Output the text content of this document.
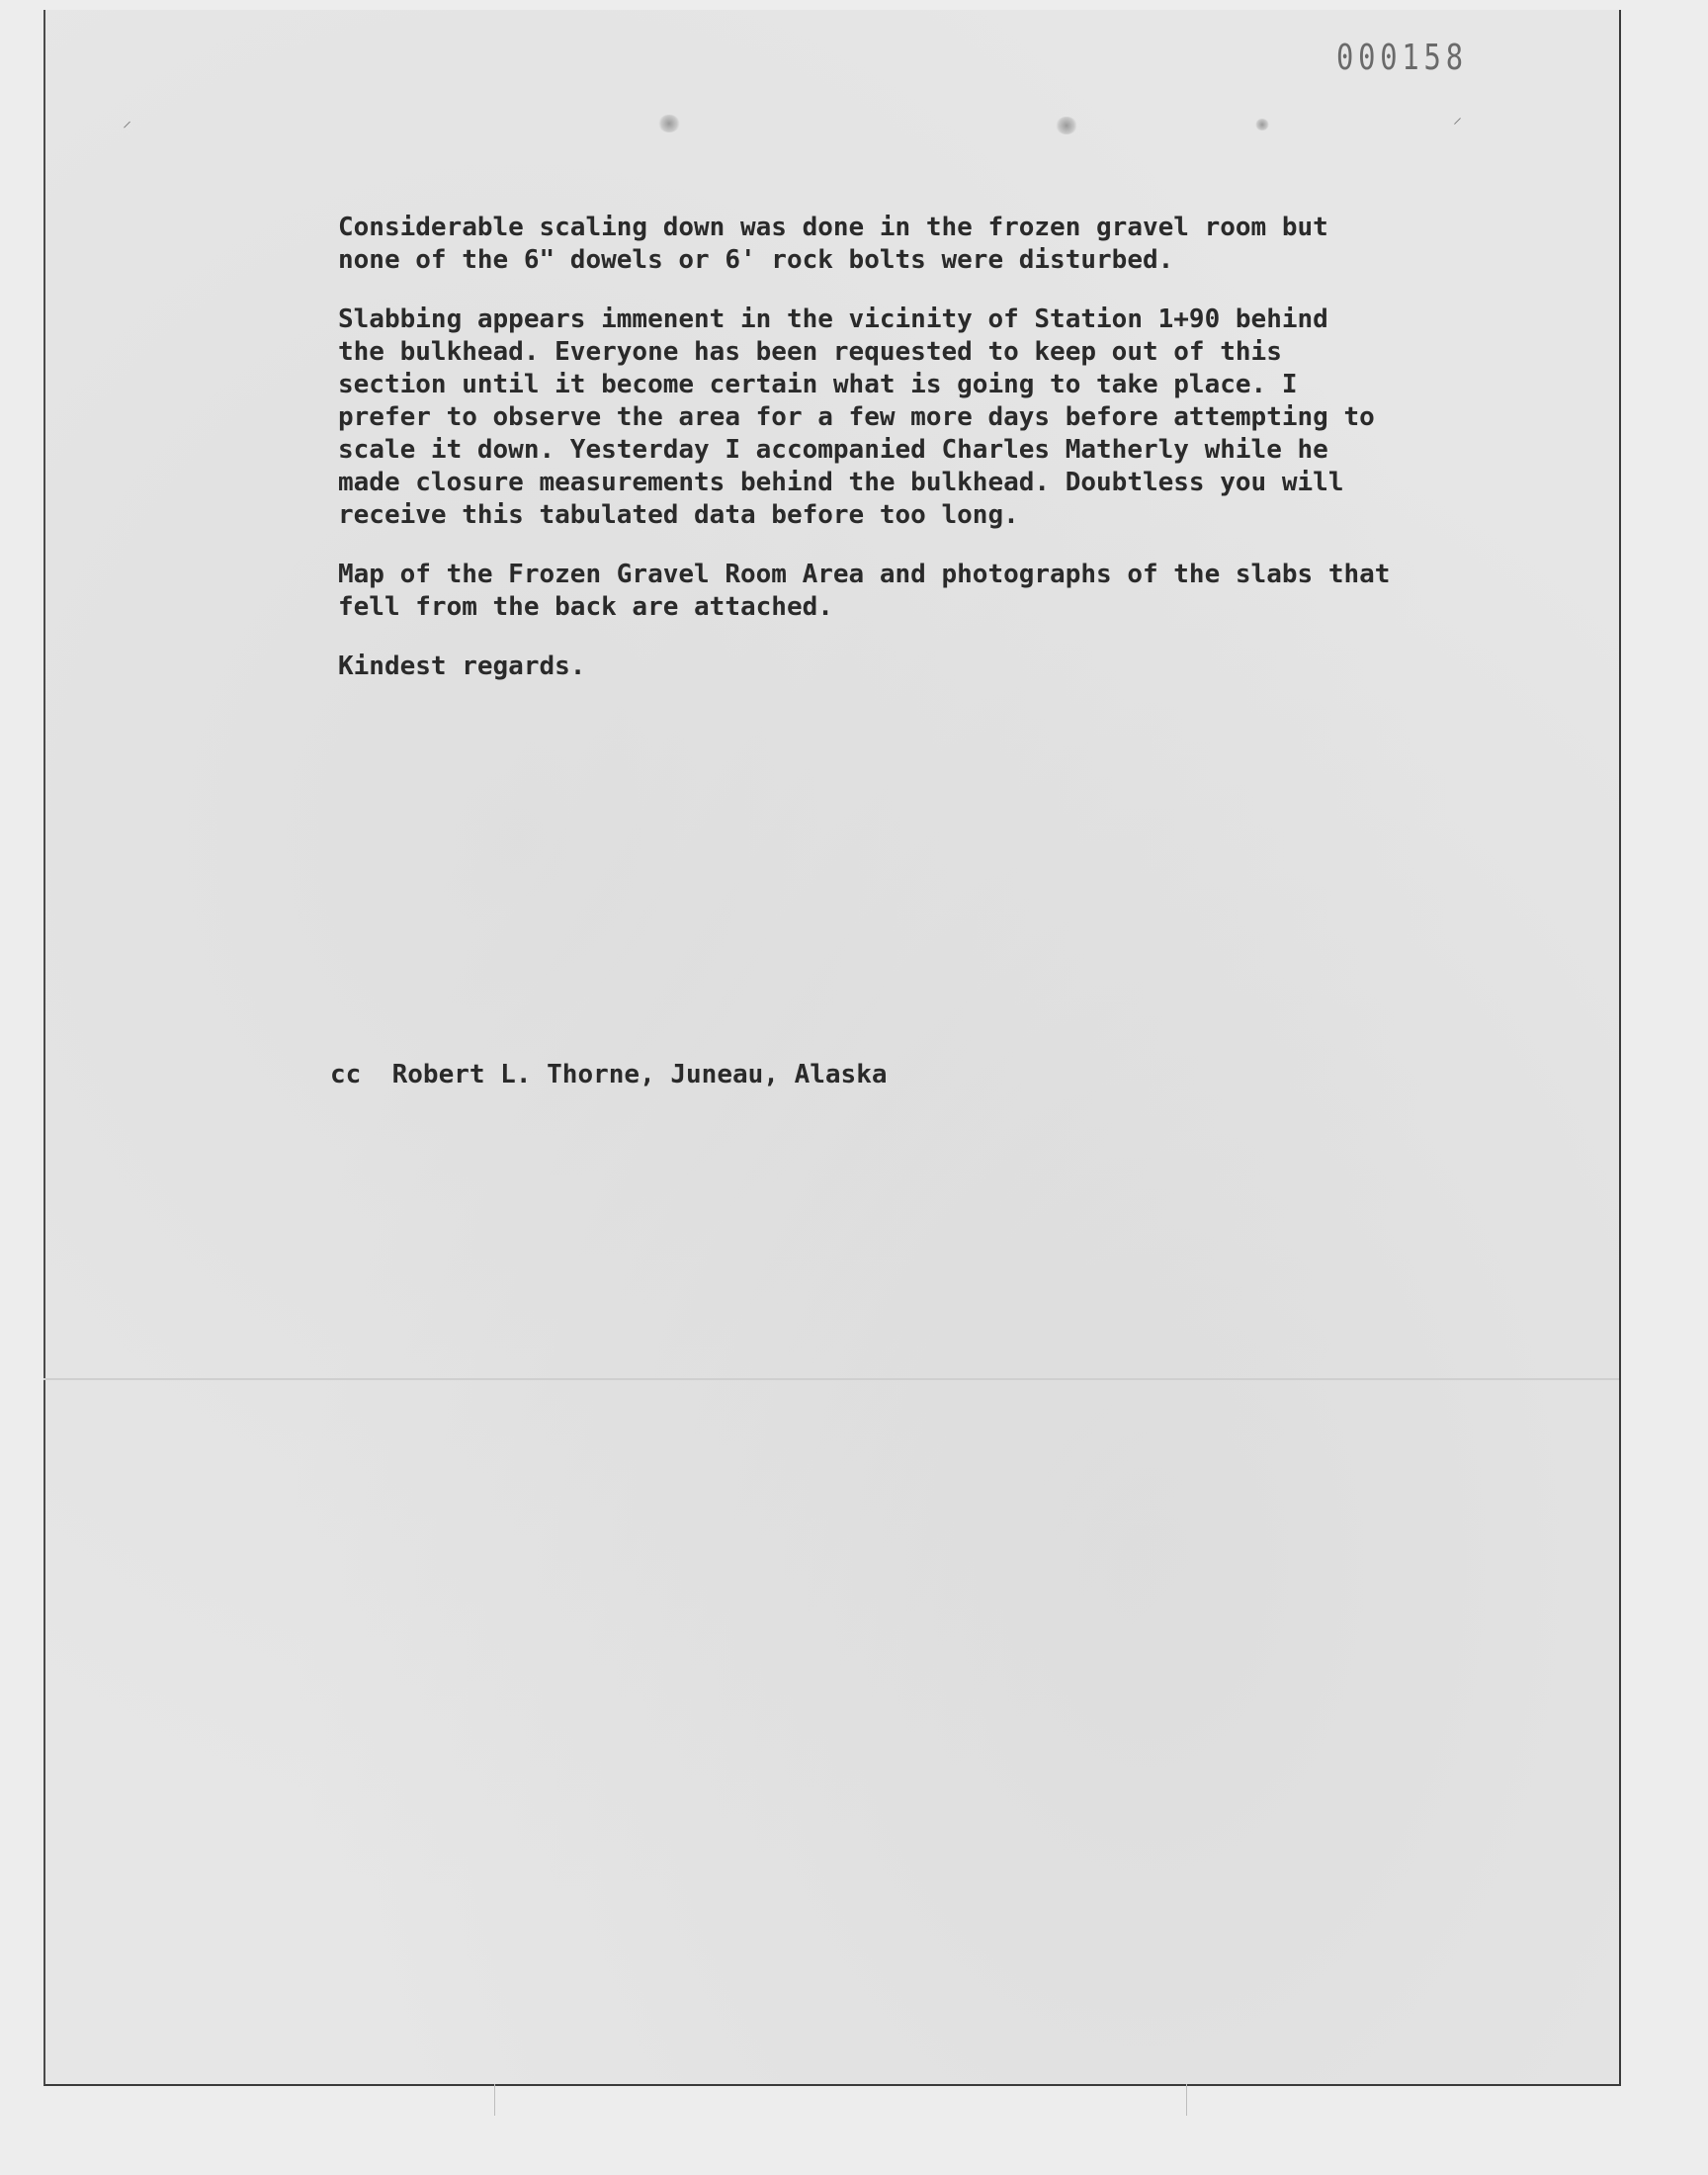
⸝	⸍
000158

Considerable scaling down was done in the frozen gravel room but
none of the 6" dowels or 6' rock bolts were disturbed.

Slabbing appears immenent in the vicinity of Station 1+90 behind
the bulkhead. Everyone has been requested to keep out of this
section until it become certain what is going to take place. I
prefer to observe the area for a few more days before attempting to
scale it down. Yesterday I accompanied Charles Matherly while he
made closure measurements behind the bulkhead. Doubtless you will
receive this tabulated data before too long.

Map of the Frozen Gravel Room Area and photographs of the slabs that
fell from the back are attached.

Kindest regards.

cc  Robert L. Thorne, Juneau, Alaska
